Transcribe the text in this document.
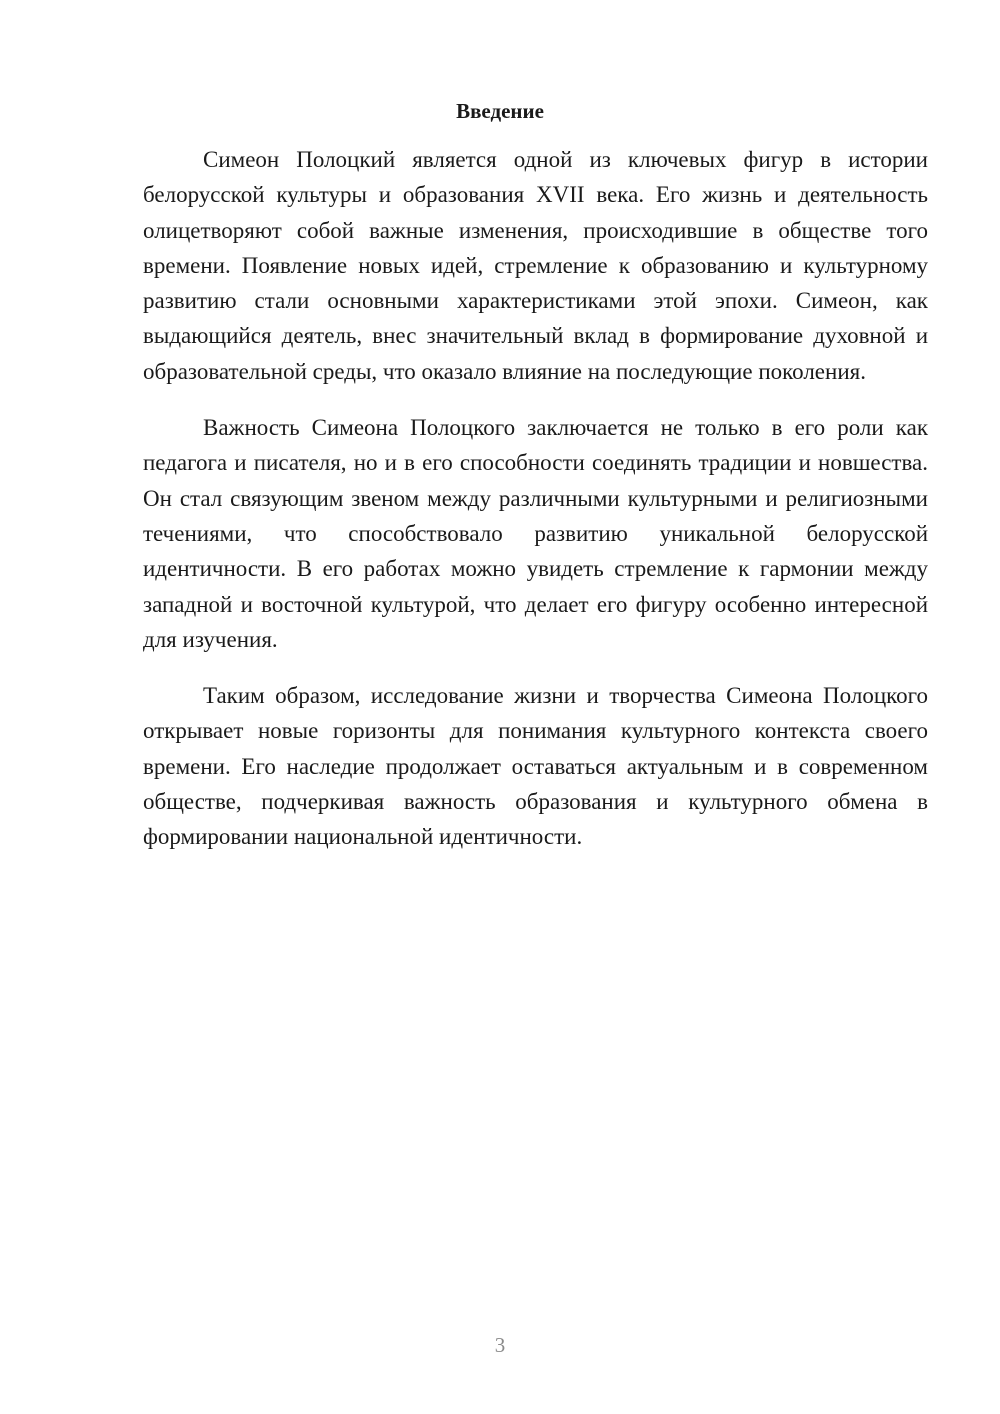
Введение

Симеон Полоцкий является одной из ключевых фигур в истории белорусской культуры и образования XVII века. Его жизнь и деятельность олицетворяют собой важные изменения, происходившие в обществе того времени. Появление новых идей, стремление к образованию и культурному развитию стали основными характеристиками этой эпохи. Симеон, как выдающийся деятель, внес значительный вклад в формирование духовной и образовательной среды, что оказало влияние на последующие поколения.

Важность Симеона Полоцкого заключается не только в его роли как педагога и писателя, но и в его способности соединять традиции и новшества. Он стал связующим звеном между различными культурными и религиозными течениями, что способствовало развитию уникальной белорусской идентичности. В его работах можно увидеть стремление к гармонии между западной и восточной культурой, что делает его фигуру особенно интересной для изучения.

Таким образом, исследование жизни и творчества Симеона Полоцкого открывает новые горизонты для понимания культурного контекста своего времени. Его наследие продолжает оставаться актуальным и в современном обществе, подчеркивая важность образования и культурного обмена в формировании национальной идентичности.

3
